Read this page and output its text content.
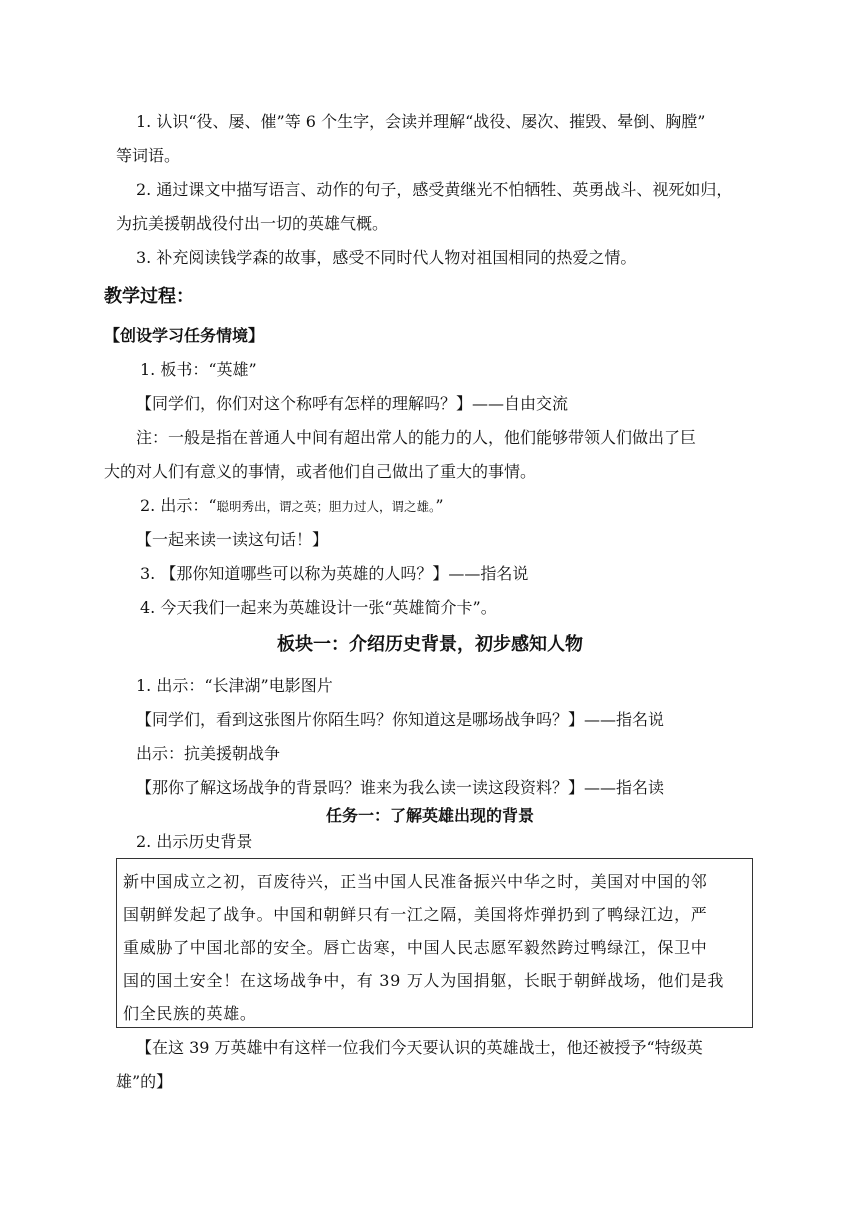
1. 认识“役、屡、催”等 6 个生字，会读并理解“战役、屡次、摧毁、晕倒、胸膛”
等词语。
2. 通过课文中描写语言、动作的句子，感受黄继光不怕牺牲、英勇战斗、视死如归，
为抗美援朝战役付出一切的英雄气概。
3. 补充阅读钱学森的故事，感受不同时代人物对祖国相同的热爱之情。
教学过程：
【创设学习任务情境】
1. 板书：“英雄”
【同学们，你们对这个称呼有怎样的理解吗？】——自由交流
注：一般是指在普通人中间有超出常人的能力的人，他们能够带领人们做出了巨
大的对人们有意义的事情，或者他们自己做出了重大的事情。
2. 出示：“聪明秀出，谓之英；胆力过人，谓之雄。”
【一起来读一读这句话！】
3. 【那你知道哪些可以称为英雄的人吗？】——指名说
4. 今天我们一起来为英雄设计一张“英雄简介卡”。
板块一：介绍历史背景，初步感知人物
1. 出示：“长津湖”电影图片
【同学们，看到这张图片你陌生吗？你知道这是哪场战争吗？】——指名说
出示：抗美援朝战争
【那你了解这场战争的背景吗？谁来为我么读一读这段资料？】——指名读
任务一：了解英雄出现的背景
2. 出示历史背景
新中国成立之初，百废待兴，正当中国人民准备振兴中华之时，美国对中国的邻
国朝鲜发起了战争。中国和朝鲜只有一江之隔，美国将炸弹扔到了鸭绿江边，严
重威胁了中国北部的安全。唇亡齿寒，中国人民志愿军毅然跨过鸭绿江，保卫中
国的国土安全！在这场战争中，有 39 万人为国捐躯，长眠于朝鲜战场，他们是我
们全民族的英雄。
【在这 39 万英雄中有这样一位我们今天要认识的英雄战士，他还被授予“特级英
雄”的】
